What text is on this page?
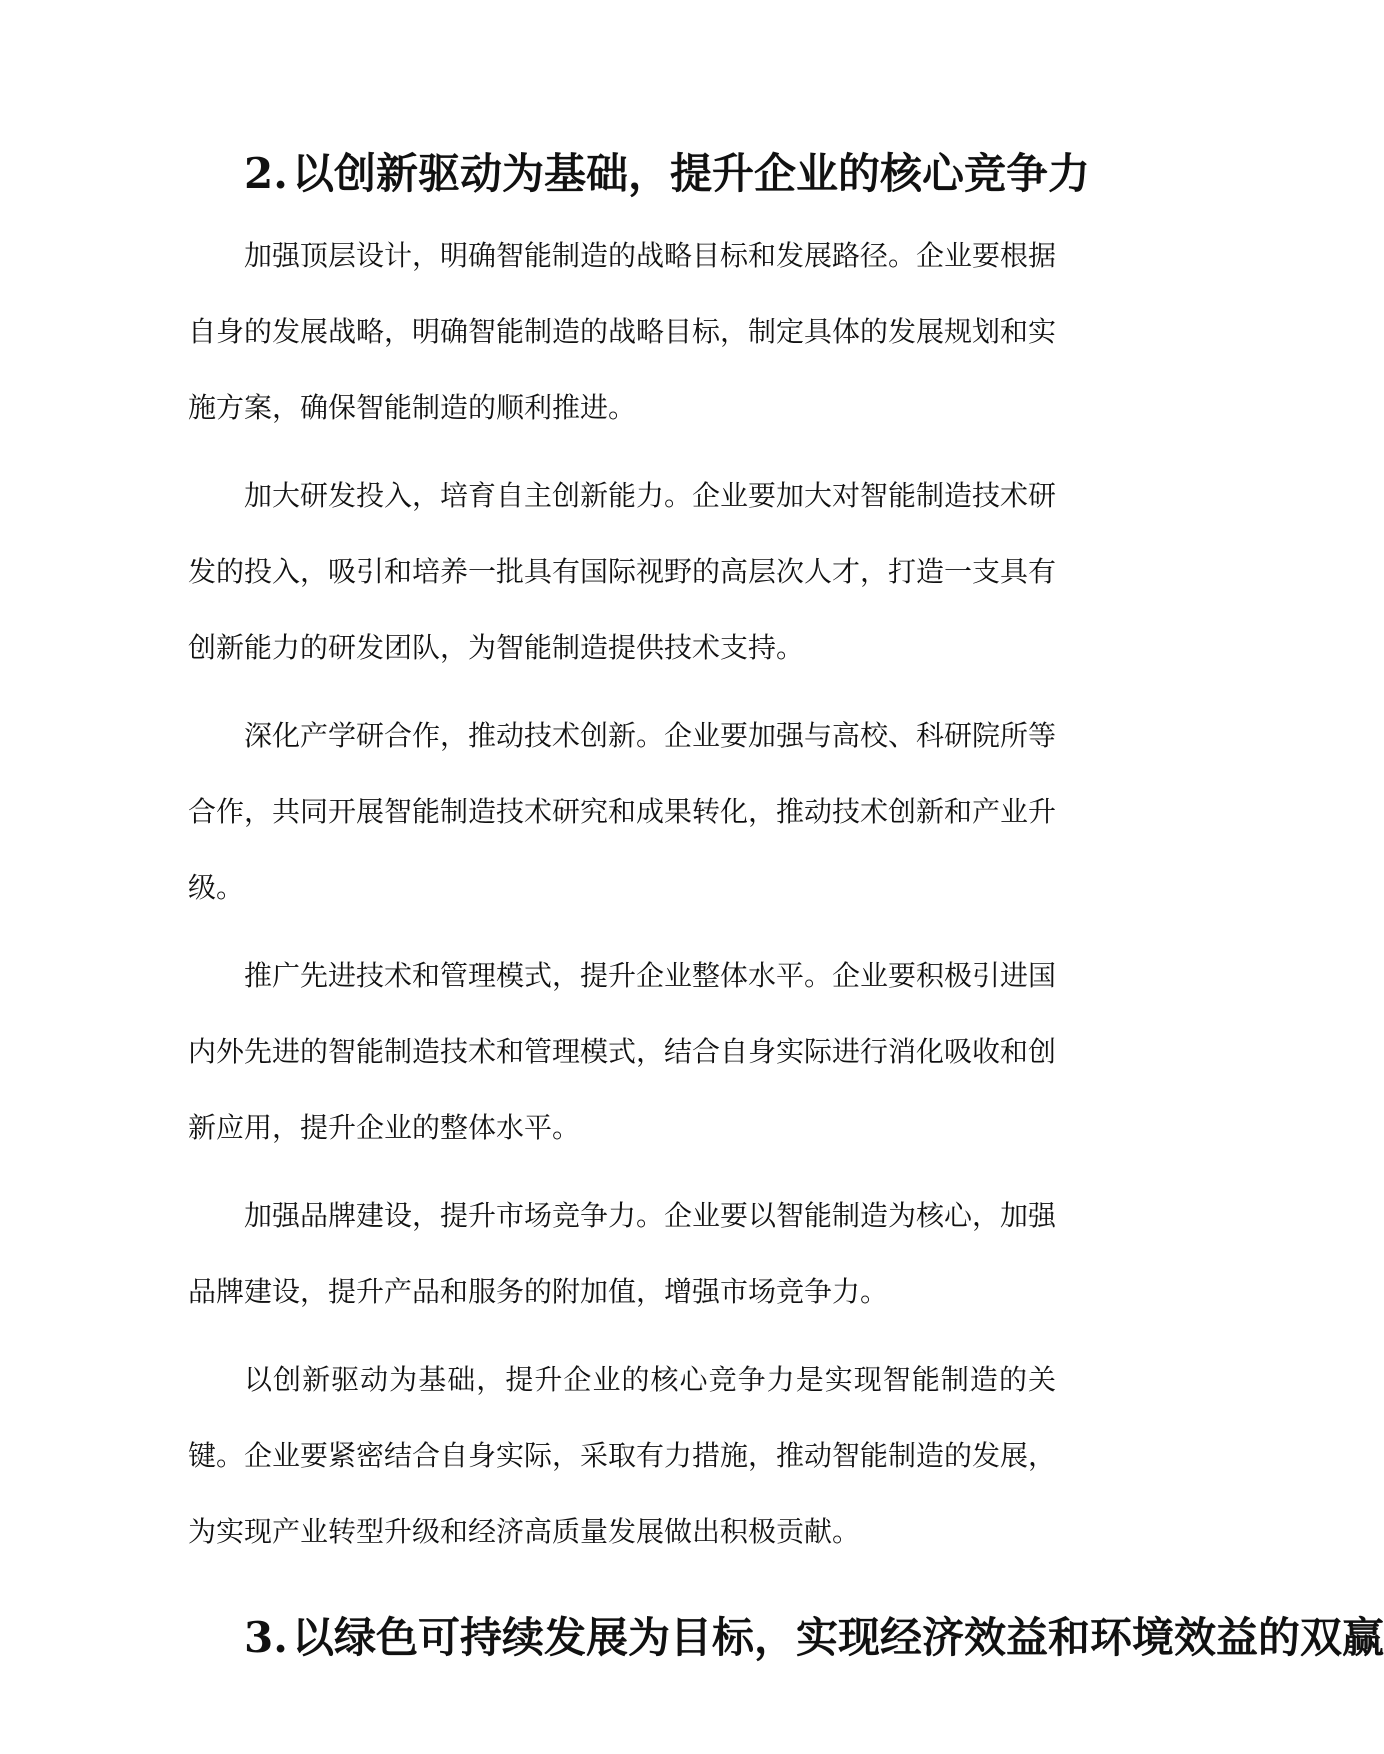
2.以创新驱动为基础，提升企业的核心竞争力

加强顶层设计，明确智能制造的战略目标和发展路径。企业要根据自身的发展战略，明确智能制造的战略目标，制定具体的发展规划和实施方案，确保智能制造的顺利推进。

加大研发投入，培育自主创新能力。企业要加大对智能制造技术研发的投入，吸引和培养一批具有国际视野的高层次人才，打造一支具有创新能力的研发团队，为智能制造提供技术支持。

深化产学研合作，推动技术创新。企业要加强与高校、科研院所等合作，共同开展智能制造技术研究和成果转化，推动技术创新和产业升级。

推广先进技术和管理模式，提升企业整体水平。企业要积极引进国内外先进的智能制造技术和管理模式，结合自身实际进行消化吸收和创新应用，提升企业的整体水平。

加强品牌建设，提升市场竞争力。企业要以智能制造为核心，加强品牌建设，提升产品和服务的附加值，增强市场竞争力。

以创新驱动为基础，提升企业的核心竞争力是实现智能制造的关键。企业要紧密结合自身实际，采取有力措施，推动智能制造的发展，为实现产业转型升级和经济高质量发展做出积极贡献。

3.以绿色可持续发展为目标，实现经济效益和环境效益的双赢
